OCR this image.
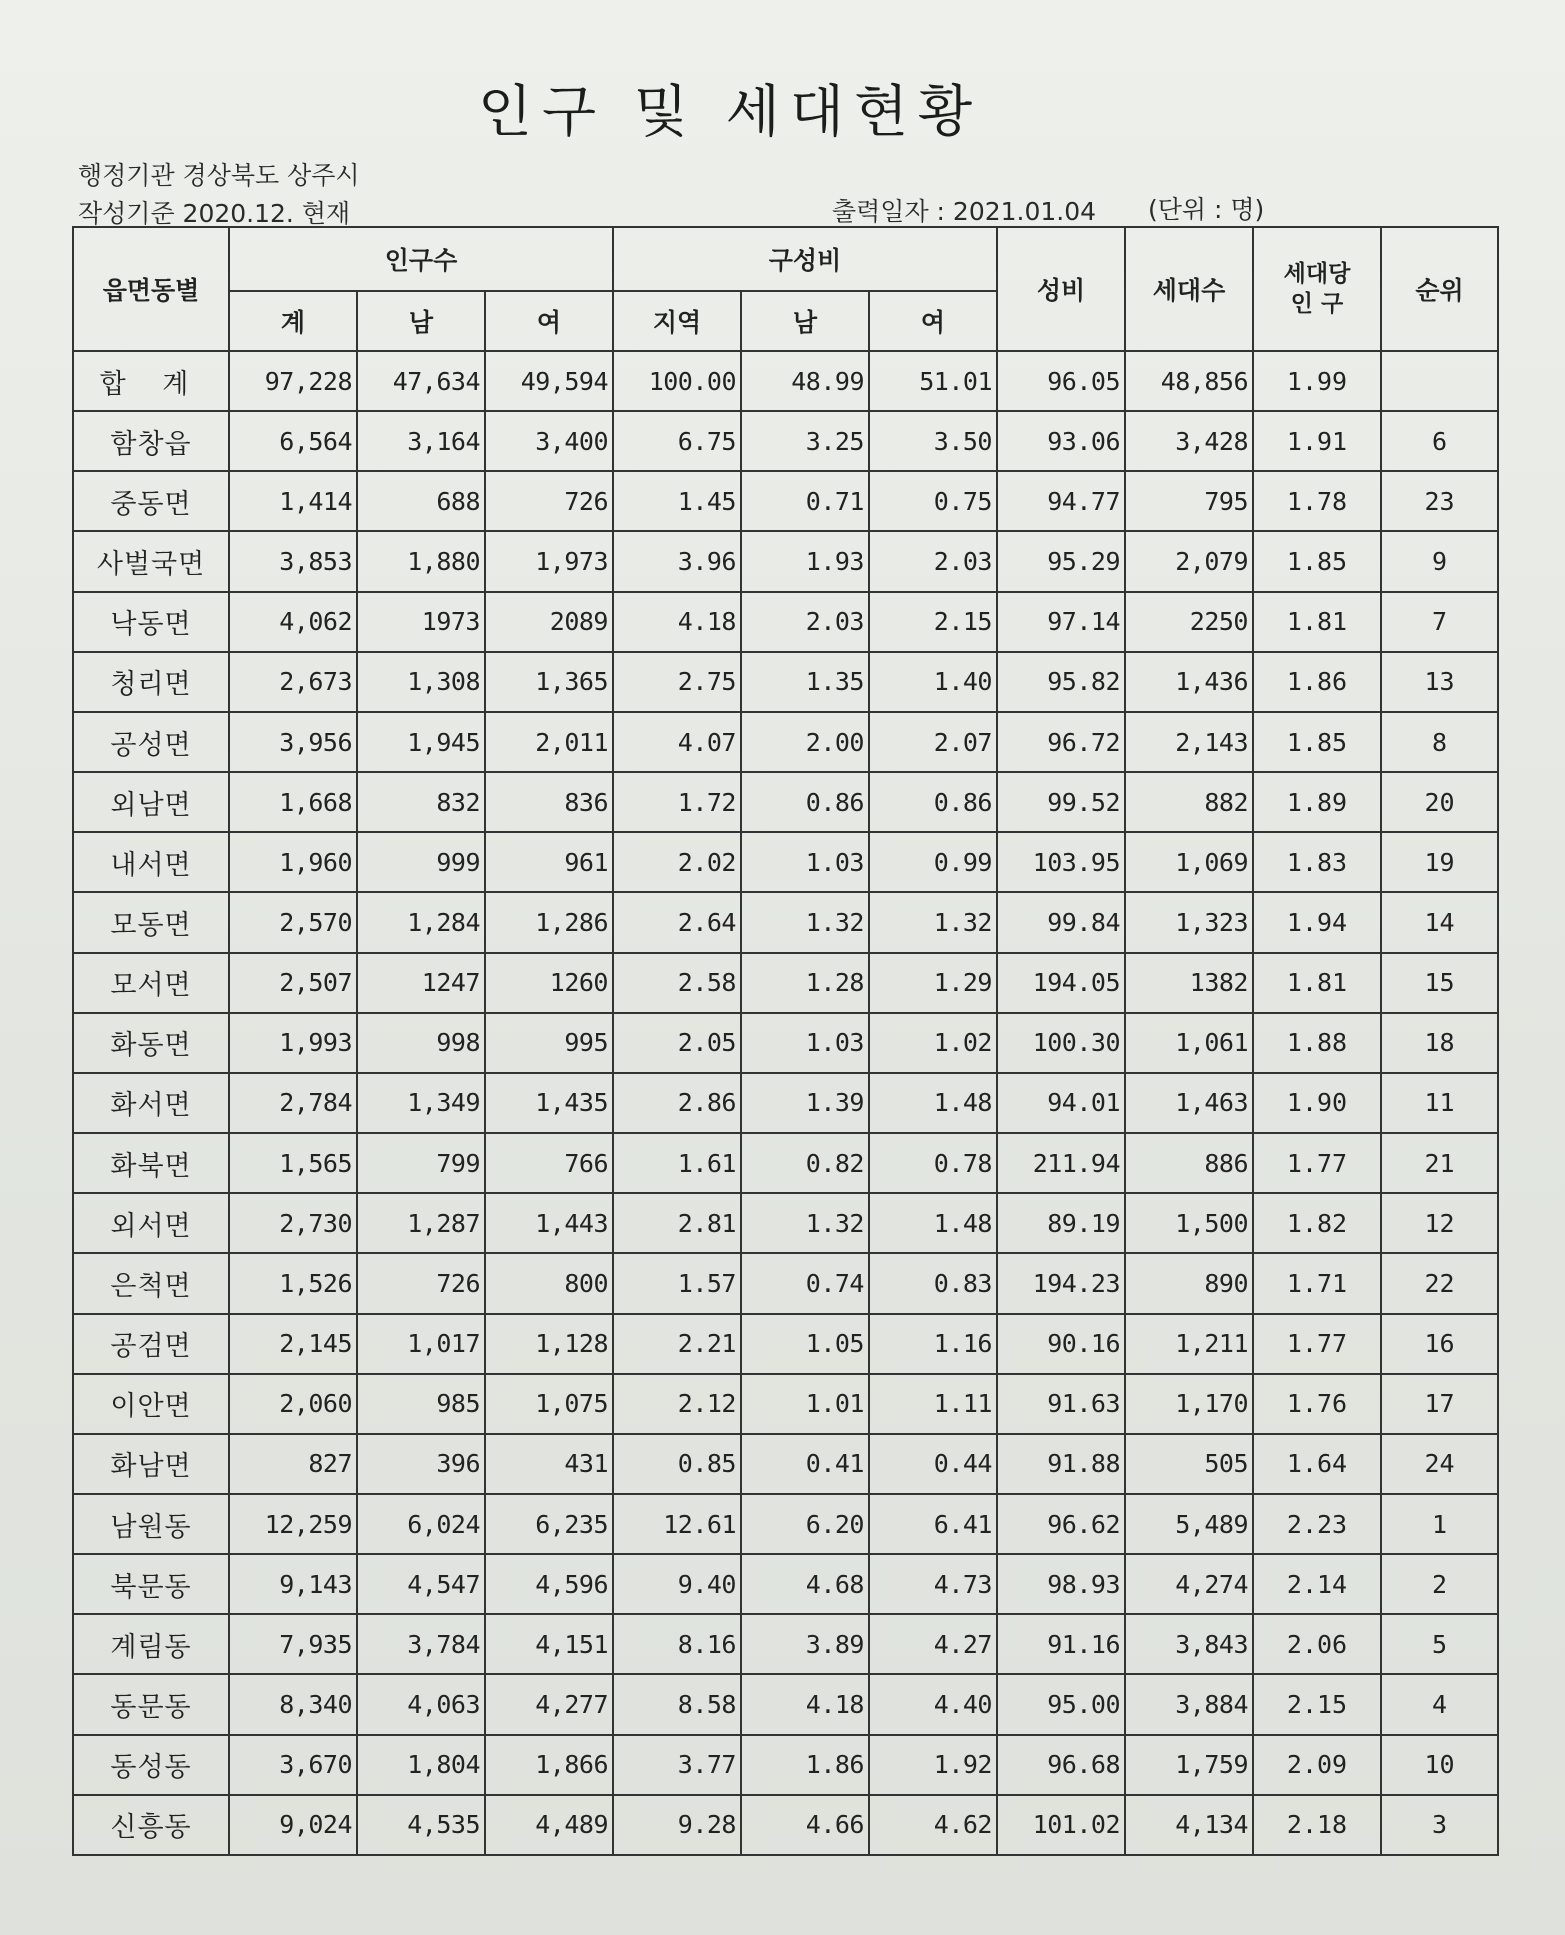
인구 및 세대현황
행정기관 경상북도 상주시
작성기준 2020.12. 현재	출력일자 : 2021.01.04 (단위 : 명)
읍면동별	인구수			구성비			성비	세대수	세대당
인 구	순위
	계	남	여	지역	남	여				
합 계	97,228	47,634	49,594	100.00	48.99	51.01	96.05	48,856	1.99	
함창읍	6,564	3,164	3,400	6.75	3.25	3.50	93.06	3,428	1.91	6
중동면	1,414	688	726	1.45	0.71	0.75	94.77	795	1.78	23
사벌국면	3,853	1,880	1,973	3.96	1.93	2.03	95.29	2,079	1.85	9
낙동면	4,062	1973	2089	4.18	2.03	2.15	97.14	2250	1.81	7
청리면	2,673	1,308	1,365	2.75	1.35	1.40	95.82	1,436	1.86	13
공성면	3,956	1,945	2,011	4.07	2.00	2.07	96.72	2,143	1.85	8
외남면	1,668	832	836	1.72	0.86	0.86	99.52	882	1.89	20
내서면	1,960	999	961	2.02	1.03	0.99	103.95	1,069	1.83	19
모동면	2,570	1,284	1,286	2.64	1.32	1.32	99.84	1,323	1.94	14
모서면	2,507	1247	1260	2.58	1.28	1.29	194.05	1382	1.81	15
화동면	1,993	998	995	2.05	1.03	1.02	100.30	1,061	1.88	18
화서면	2,784	1,349	1,435	2.86	1.39	1.48	94.01	1,463	1.90	11
화북면	1,565	799	766	1.61	0.82	0.78	211.94	886	1.77	21
외서면	2,730	1,287	1,443	2.81	1.32	1.48	89.19	1,500	1.82	12
은척면	1,526	726	800	1.57	0.74	0.83	194.23	890	1.71	22
공검면	2,145	1,017	1,128	2.21	1.05	1.16	90.16	1,211	1.77	16
이안면	2,060	985	1,075	2.12	1.01	1.11	91.63	1,170	1.76	17
화남면	827	396	431	0.85	0.41	0.44	91.88	505	1.64	24
남원동	12,259	6,024	6,235	12.61	6.20	6.41	96.62	5,489	2.23	1
북문동	9,143	4,547	4,596	9.40	4.68	4.73	98.93	4,274	2.14	2
계림동	7,935	3,784	4,151	8.16	3.89	4.27	91.16	3,843	2.06	5
동문동	8,340	4,063	4,277	8.58	4.18	4.40	95.00	3,884	2.15	4
동성동	3,670	1,804	1,866	3.77	1.86	1.92	96.68	1,759	2.09	10
신흥동	9,024	4,535	4,489	9.28	4.66	4.62	101.02	4,134	2.18	3
